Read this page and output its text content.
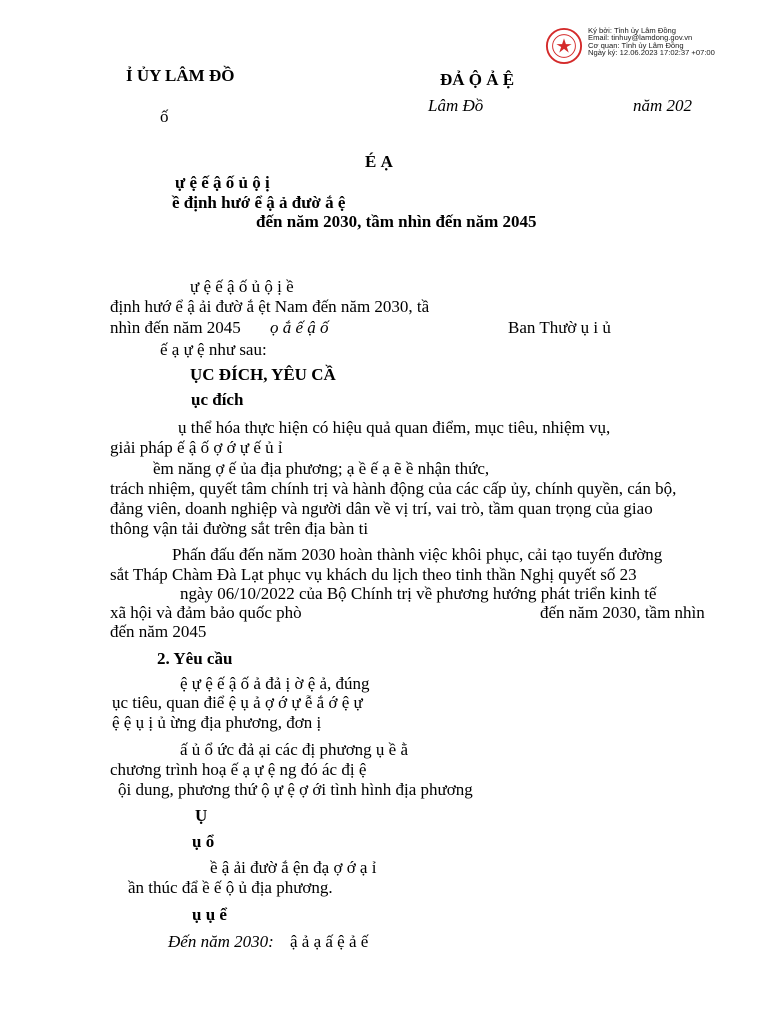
Ký bởi: Tỉnh ủy Lâm Đồng
Email: tinhuy@lamdong.gov.vn
Cơ quan: Tỉnh ủy Lâm Đồng
Ngày ký: 12.06.2023 17:02:37 +07:00
Ỉ ỦY LÂM ĐỒ
ố
ĐẢ Ộ Ả Ệ
Lâm Đồ	năm 202
É Ạ
ự ệ ế ậ ố ủ ộ ị
ề định hướ ể ậ ả đườ ắ ệ
đến năm 2030, tầm nhìn đến năm 2045
ự ệ ế ậ ố ủ ộ ị ề
định hướ ể ậ ải đườ ắ ệt Nam đến năm 2030, tầ
nhìn đến năm 2045 ọ ắ ế ậ ố	Ban Thườ ụ i ủ
ế ạ ự ệ như sau:
ỤC ĐÍCH, YÊU CẦ
ục đích
ụ thể hóa thực hiện có hiệu quả quan điểm, mục tiêu, nhiệm vụ,
giải pháp ế ậ ố ợ ớ ự ế ủ ỉ
ềm năng ợ ế ủa địa phương; ạ ề ế ạ ẽ ề nhận thức,
trách nhiệm, quyết tâm chính trị và hành động của các cấp ủy, chính quyền, cán bộ,
đảng viên, doanh nghiệp và người dân về vị trí, vai trò, tầm quan trọng của giao
thông vận tải đường sắt trên địa bàn ti
Phấn đấu đến năm 2030 hoàn thành việc khôi phục, cải tạo tuyến đường
sắt Tháp Chàm Đà Lạt phục vụ khách du lịch theo tinh thần Nghị quyết số 23
ngày 06/10/2022 của Bộ Chính trị về phương hướng phát triển kinh tế
xã hội và đảm bảo quốc phò	đến năm 2030, tầm nhìn
đến năm 2045
2. Yêu cầu
ệ ự ệ ế ậ ố ả đả ị ờ ệ ả, đúng
ục tiêu, quan điể ệ ụ ả ợ ớ ự ễ ắ ớ ệ ự
ệ ệ ụ ị ủ ừng địa phương, đơn ị
ấ ủ ổ ức đả ại các đị phương ụ ề ằ
chương trình hoạ ế ạ ự ệ ng đó ác đị ệ
ội dung, phương thứ ộ ự ệ ợ ới tình hình địa phương
Ụ
ụ ổ
ề ậ ải đườ ắ ện đạ ợ ớ ạ ỉ
ần thúc đẩ ề ế ộ ủ địa phương.
ụ ụ ể
Đến năm 2030: ậ ả ạ ấ ệ ả ế
